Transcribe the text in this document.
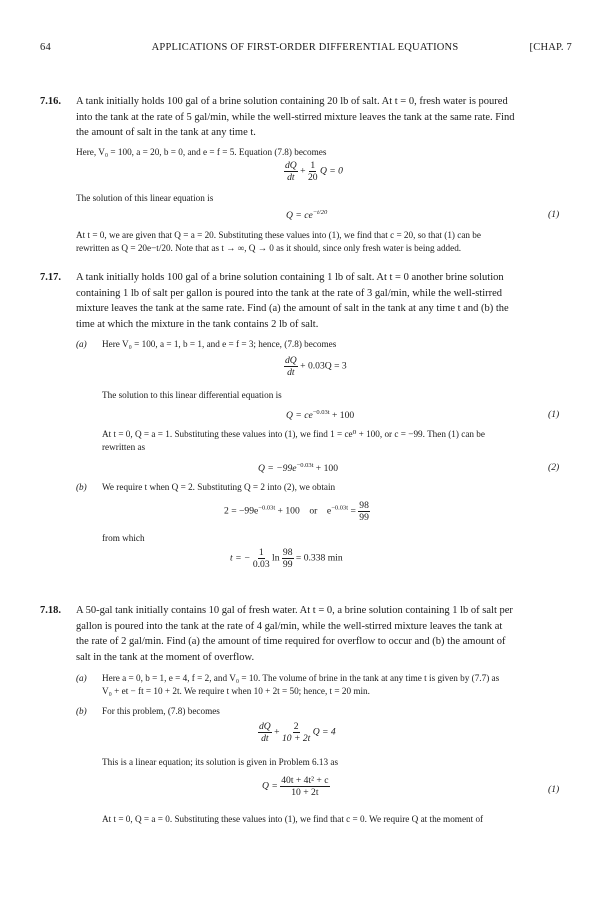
64	APPLICATIONS OF FIRST-ORDER DIFFERENTIAL EQUATIONS	[CHAP. 7
7.16. A tank initially holds 100 gal of a brine solution containing 20 lb of salt. At t = 0, fresh water is poured

into the tank at the rate of 5 gal/min, while the well-stirred mixture leaves the tank at the same rate. Find

the amount of salt in the tank at any time t.

Here, V₀ = 100, a = 20, b = 0, and e = f = 5. Equation (7.8) becomes
$\frac{dQ}{dt} + \frac{1}{20}$ Q = 0
The solution of this linear equation is
$Q = ce^{-t/20}$	(1)
At t = 0, we are given that Q = a = 20. Substituting these values into (1), we find that c = 20, so that (1) can be
rewritten as Q = 20e−t/20. Note that as t → ∞, Q → 0 as it should, since only fresh water is being added.
7.17. A tank initially holds 100 gal of a brine solution containing 1 lb of salt. At t = 0 another brine solution

containing 1 lb of salt per gallon is poured into the tank at the rate of 3 gal/min, while the well-stirred

mixture leaves the tank at the same rate. Find (a) the amount of salt in the tank at any time t and (b) the

time at which the mixture in the tank contains 2 lb of salt.

(a) Here V₀ = 100, a = 1, b = 1, and e = f = 3; hence, (7.8) becomes
$\frac{dQ}{dt} + 0.03Q = 3$
The solution to this linear differential equation is
$Q = ce^{-0.03t} + 100$	(1)
At t = 0, Q = a = 1. Substituting these values into (1), we find 1 = ce⁰ + 100, or c = −99. Then (1) can be
rewritten as
$Q = -99e^{-0.03t} + 100$	(2)
(b) We require t when Q = 2. Substituting Q = 2 into (2), we obtain
$2 = -99e^{-0.03t} + 100$    or    $e^{-0.03t} = \frac{98}{99}$
from which
t = − $\frac{1}{0.03}$ $\ln \frac{98}{99} = 0.338$ min
7.18. A 50-gal tank initially contains 10 gal of fresh water. At t = 0, a brine solution containing 1 lb of salt per

gallon is poured into the tank at the rate of 4 gal/min, while the well-stirred mixture leaves the tank at

the rate of 2 gal/min. Find (a) the amount of time required for overflow to occur and (b) the amount of

salt in the tank at the moment of overflow.

(a) Here a = 0, b = 1, e = 4, f = 2, and V₀ = 10. The volume of brine in the tank at any time t is given by (7.7) as
V₀ + et − ft = 10 + 2t. We require t when 10 + 2t = 50; hence, t = 20 min.
(b) For this problem, (7.8) becomes
$\frac{dQ}{dt} + \frac{2}{10 + 2t}$ Q = 4
This is a linear equation; its solution is given in Problem 6.13 as
$Q = \frac{\text{40t + 4t² + c}}{10 + 2t}$	(1)
At t = 0, Q = a = 0. Substituting these values into (1), we find that c = 0. We require Q at the moment of
